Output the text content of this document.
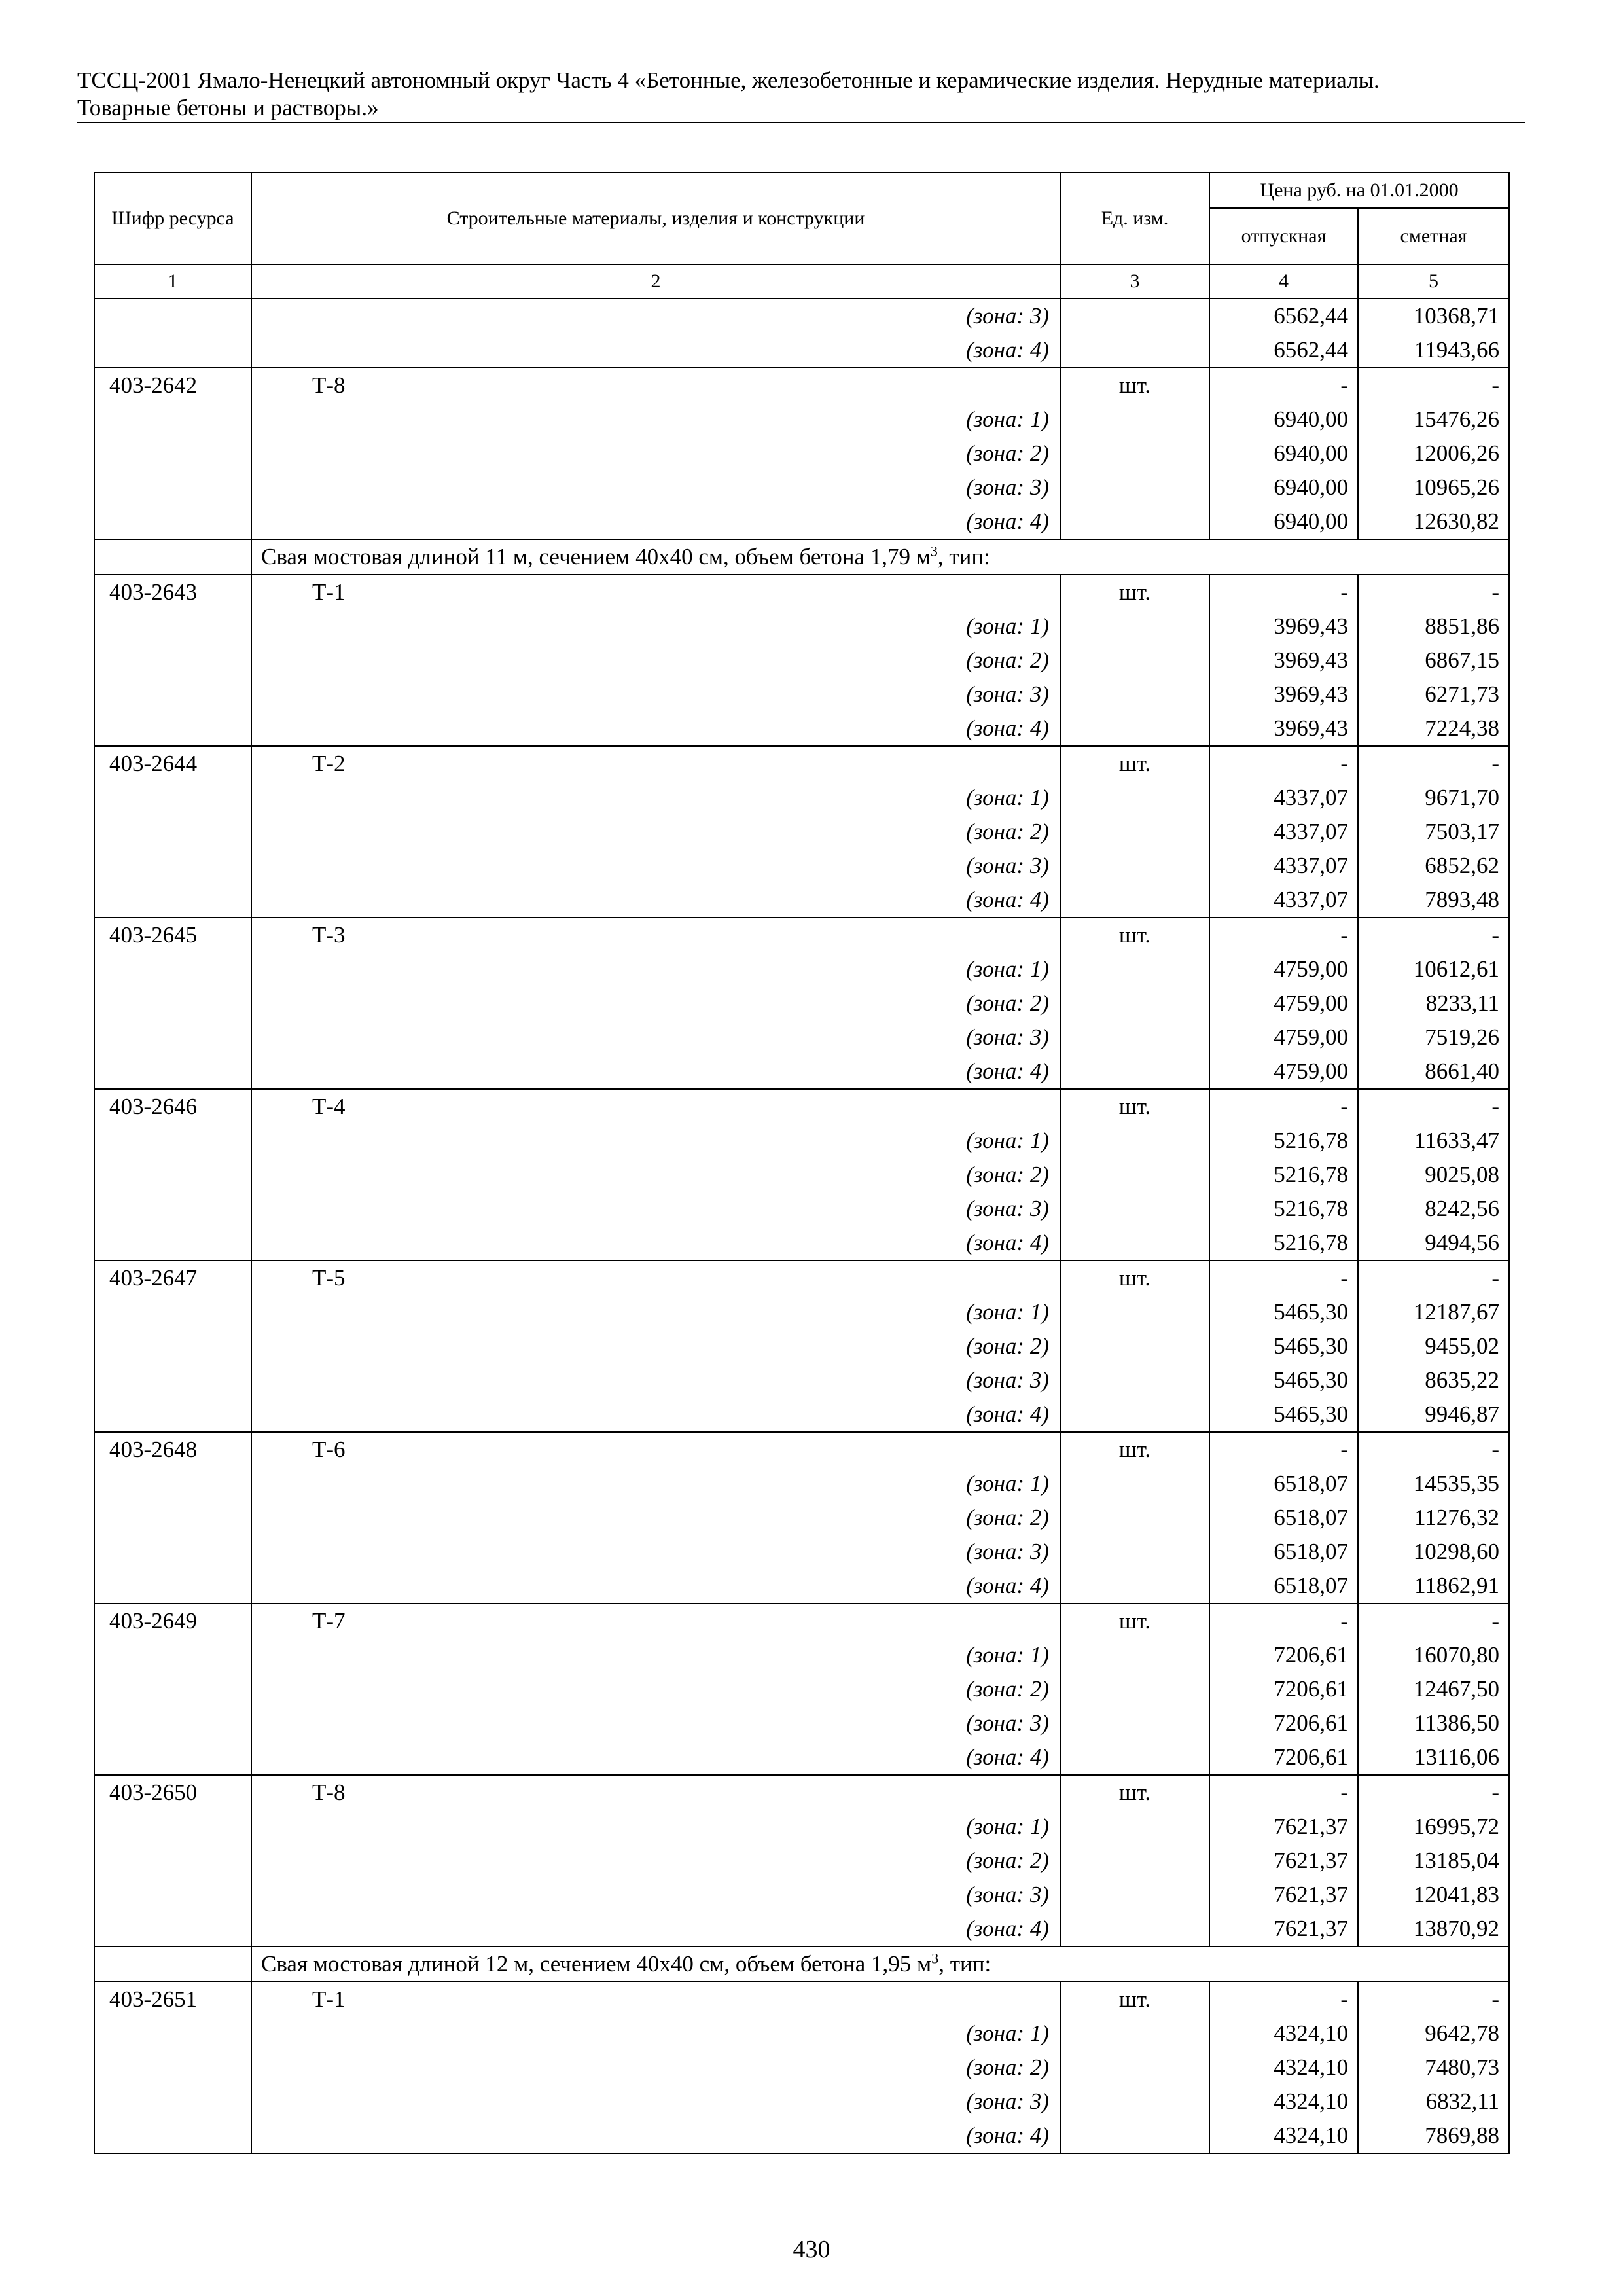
ТССЦ-2001 Ямало-Ненецкий автономный округ Часть 4 «Бетонные, железобетонные и керамические изделия. Нерудные материалы.
Товарные бетоны и растворы.»
Шифр ресурса	Строительные материалы, изделия и конструкции	Ед. изм.	Цена руб. на 01.01.2000	
			отпускная	сметная
1	2	3	4	5

	(зона: 3)		6562,44	10368,71

	(зона: 4)		6562,44	11943,66
403-2642	Т-8	шт.	-	-

	(зона: 1)		6940,00	15476,26

	(зона: 2)		6940,00	12006,26

	(зона: 3)		6940,00	10965,26

	(зона: 4)		6940,00	12630,82
	Свая мостовая длиной 11 м, сечением 40х40 см, объем бетона 1,79 $м^3$, тип:			
403-2643	Т-1	шт.	-	-

	(зона: 1)		3969,43	8851,86

	(зона: 2)		3969,43	6867,15

	(зона: 3)		3969,43	6271,73

	(зона: 4)		3969,43	7224,38
403-2644	Т-2	шт.	-	-

	(зона: 1)		4337,07	9671,70

	(зона: 2)		4337,07	7503,17

	(зона: 3)		4337,07	6852,62

	(зона: 4)		4337,07	7893,48
403-2645	Т-3	шт.	-	-

	(зона: 1)		4759,00	10612,61

	(зона: 2)		4759,00	8233,11

	(зона: 3)		4759,00	7519,26

	(зона: 4)		4759,00	8661,40
403-2646	Т-4	шт.	-	-

	(зона: 1)		5216,78	11633,47

	(зона: 2)		5216,78	9025,08

	(зона: 3)		5216,78	8242,56

	(зона: 4)		5216,78	9494,56
403-2647	Т-5	шт.	-	-

	(зона: 1)		5465,30	12187,67

	(зона: 2)		5465,30	9455,02

	(зона: 3)		5465,30	8635,22

	(зона: 4)		5465,30	9946,87
403-2648	Т-6	шт.	-	-

	(зона: 1)		6518,07	14535,35

	(зона: 2)		6518,07	11276,32

	(зона: 3)		6518,07	10298,60

	(зона: 4)		6518,07	11862,91
403-2649	Т-7	шт.	-	-

	(зона: 1)		7206,61	16070,80

	(зона: 2)		7206,61	12467,50

	(зона: 3)		7206,61	11386,50

	(зона: 4)		7206,61	13116,06
403-2650	Т-8	шт.	-	-

	(зона: 1)		7621,37	16995,72

	(зона: 2)		7621,37	13185,04

	(зона: 3)		7621,37	12041,83

	(зона: 4)		7621,37	13870,92
	Свая мостовая длиной 12 м, сечением 40х40 см, объем бетона 1,95 $м^3$, тип:			
403-2651	Т-1	шт.	-	-

	(зона: 1)		4324,10	9642,78

	(зона: 2)		4324,10	7480,73

	(зона: 3)		4324,10	6832,11

	(зона: 4)		4324,10	7869,88
430
